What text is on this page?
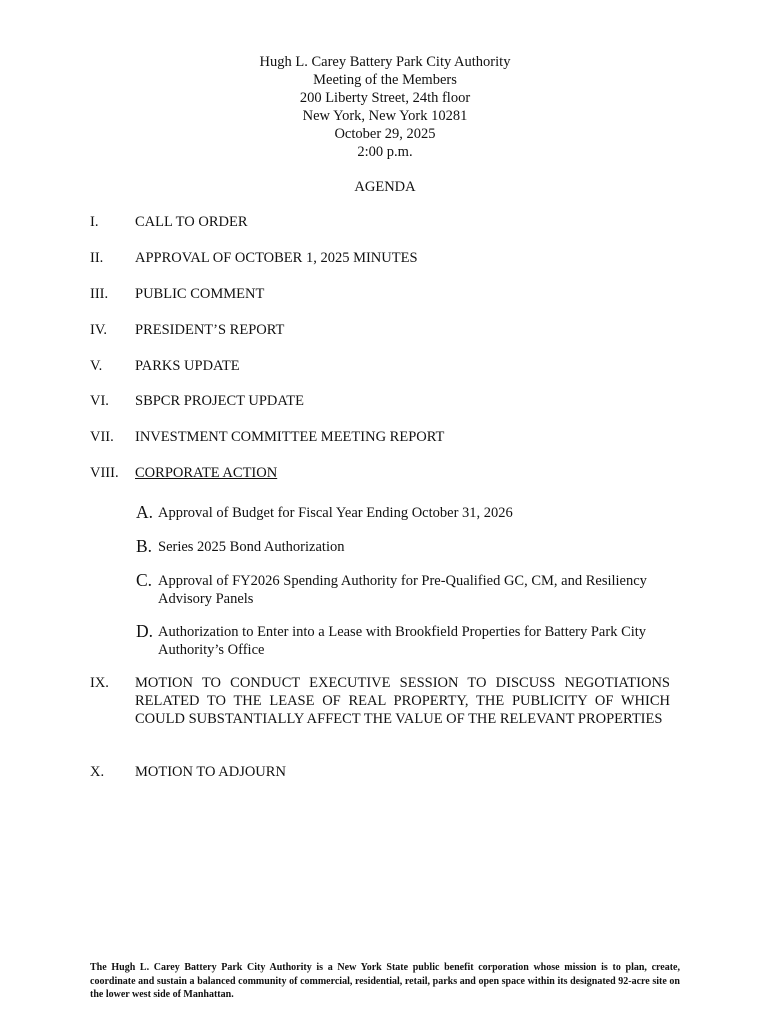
Hugh L. Carey Battery Park City Authority
Meeting of the Members
200 Liberty Street, 24th floor
New York, New York 10281
October 29, 2025
2:00 p.m.
AGENDA
I.	CALL TO ORDER
II. APPROVAL OF OCTOBER 1, 2025 MINUTES
III. PUBLIC COMMENT
IV. PRESIDENT’S REPORT
V. PARKS UPDATE
VI. SBPCR PROJECT UPDATE
VII. INVESTMENT COMMITTEE MEETING REPORT
VIII. CORPORATE ACTION
A. Approval of Budget for Fiscal Year Ending October 31, 2026
B. Series 2025 Bond Authorization
C. Approval of FY2026 Spending Authority for Pre-Qualified GC, CM, and Resiliency Advisory Panels
D. Authorization to Enter into a Lease with Brookfield Properties for Battery Park City Authority’s Office
IX. MOTION TO CONDUCT EXECUTIVE SESSION TO DISCUSS NEGOTIATIONS RELATED TO THE LEASE OF REAL PROPERTY, THE PUBLICITY OF WHICH COULD SUBSTANTIALLY AFFECT THE VALUE OF THE RELEVANT PROPERTIES
X. MOTION TO ADJOURN
The Hugh L. Carey Battery Park City Authority is a New York State public benefit corporation whose mission is to plan, create, coordinate and sustain a balanced community of commercial, residential, retail, parks and open space within its designated 92-acre site on the lower west side of Manhattan.
